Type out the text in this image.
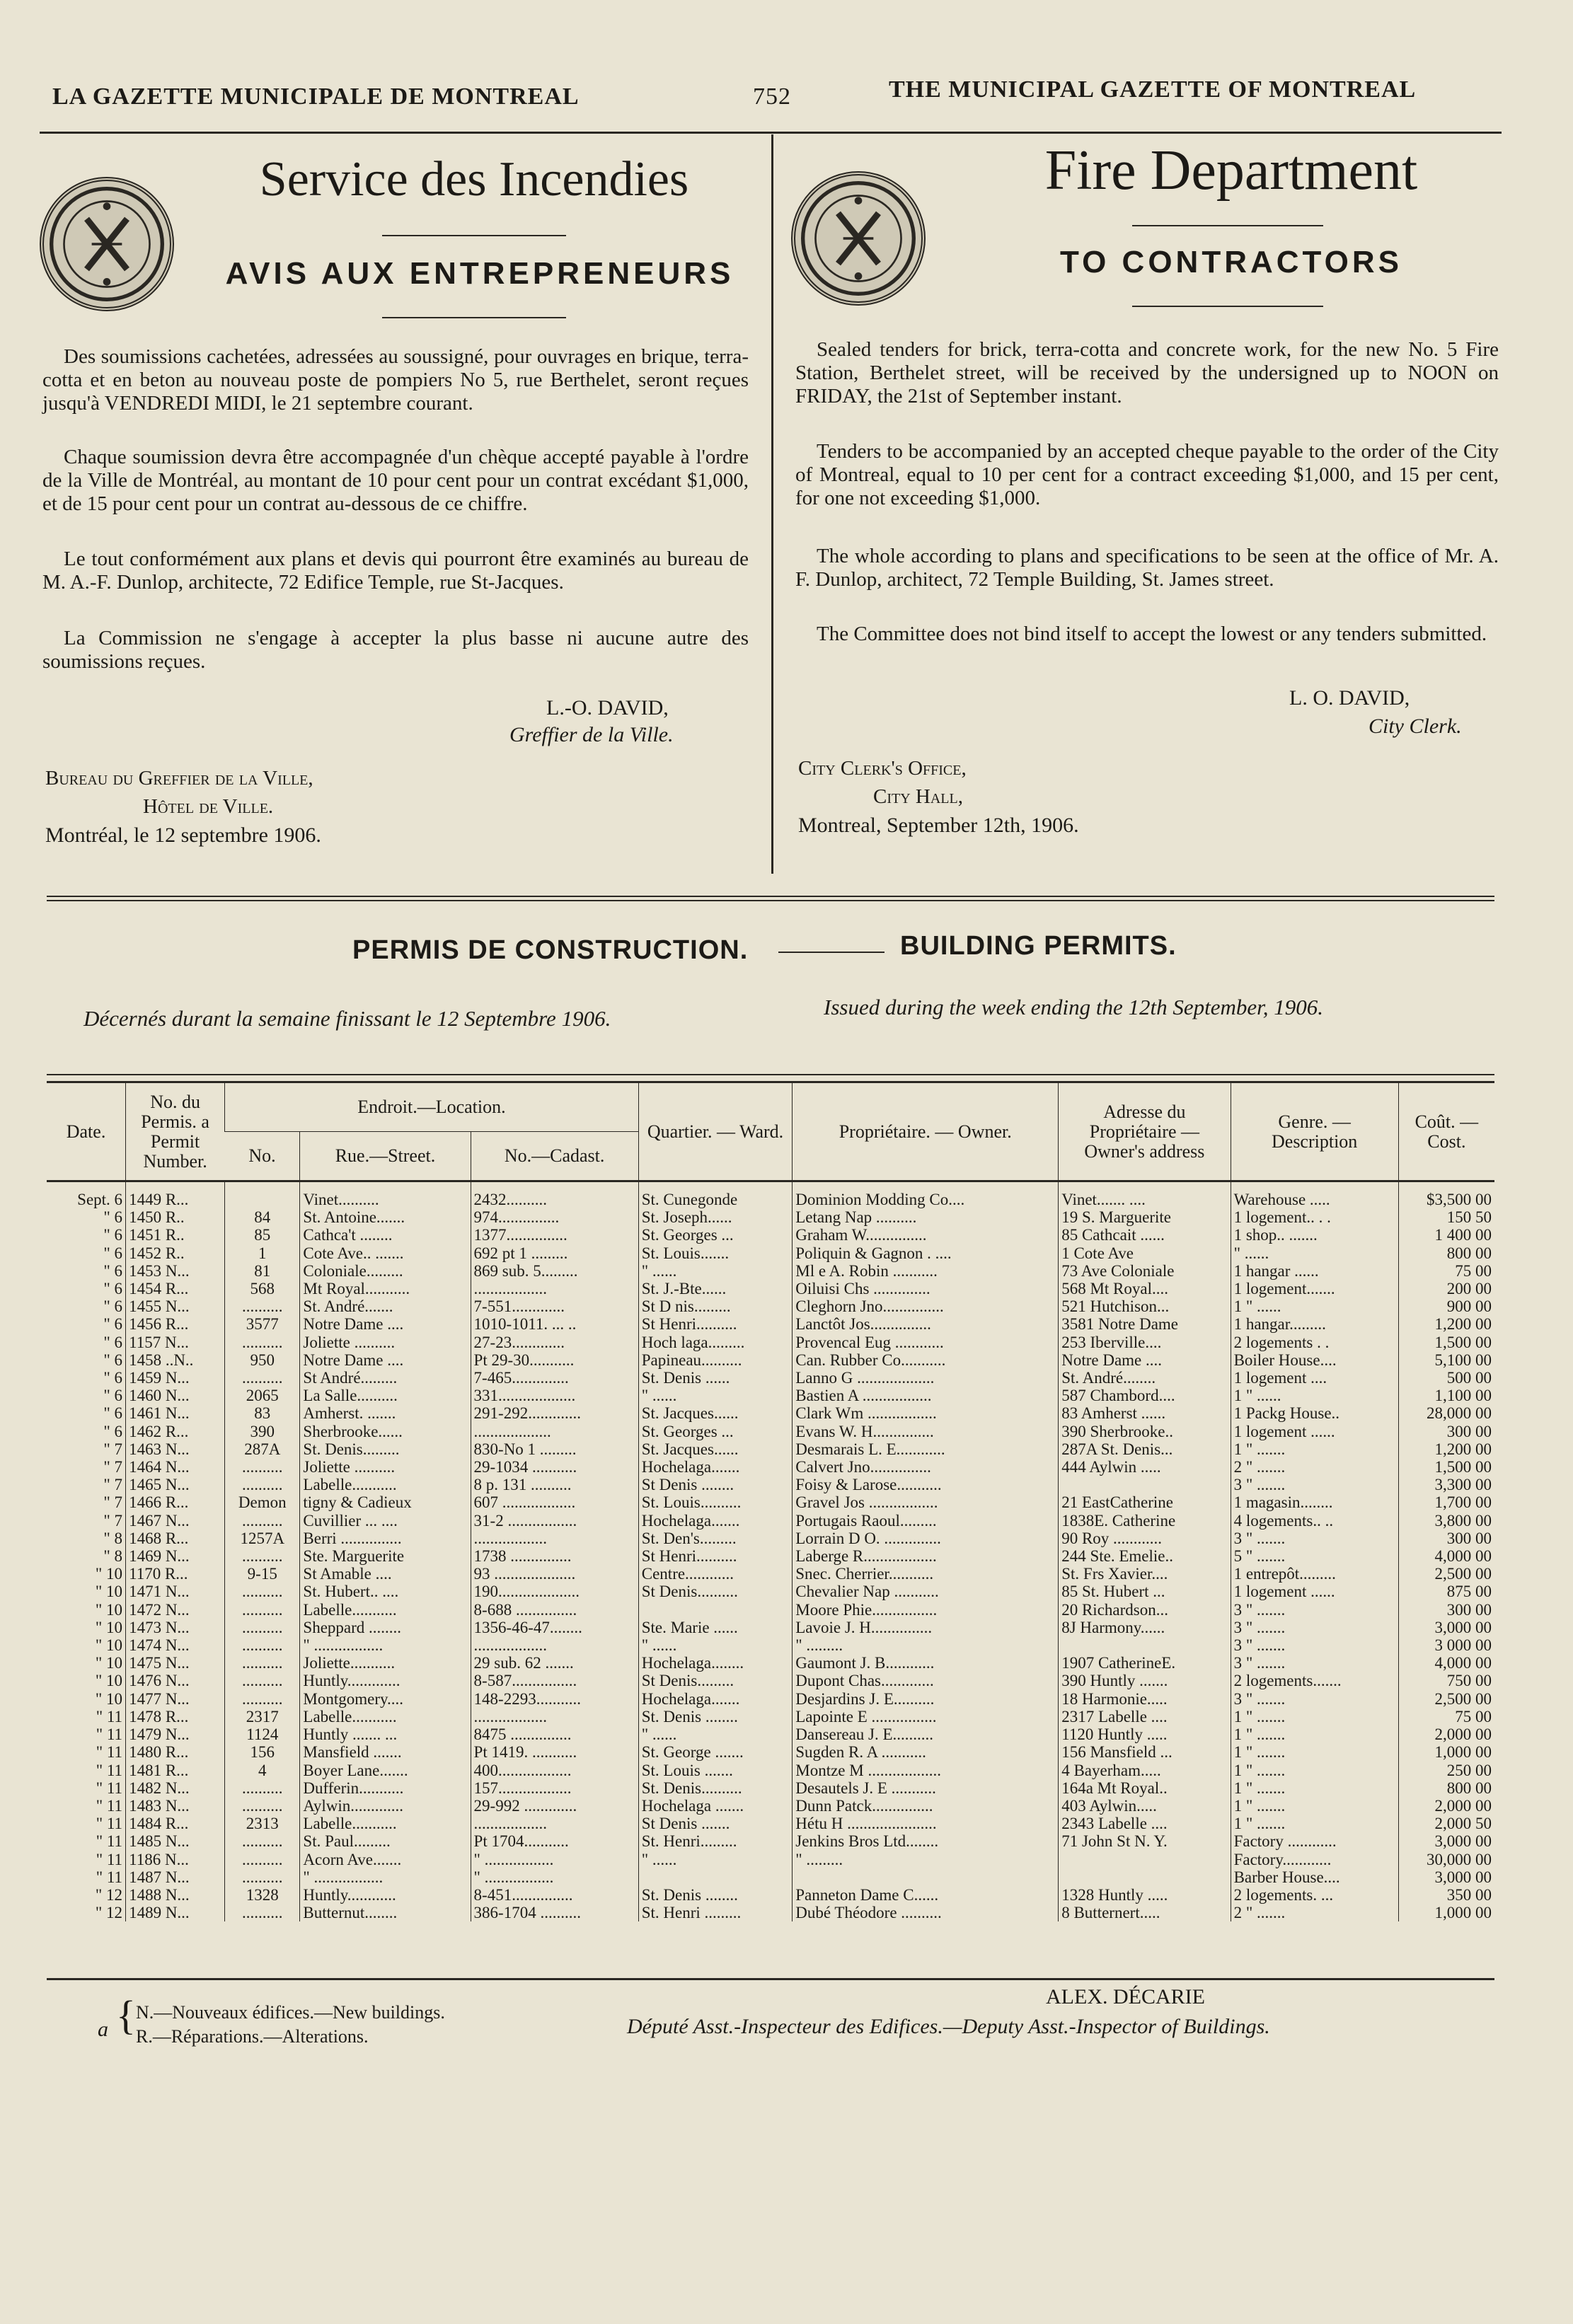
LA GAZETTE MUNICIPALE DE MONTREAL	752	THE MUNICIPAL GAZETTE OF MONTREAL
Service des Incendies
AVIS AUX ENTREPRENEURS
Des soumissions cachetées, adressées au soussigné, pour ouvrages en brique, terra-cotta et en beton au nouveau poste de pompiers No 5, rue Berthelet, seront reçues jusqu'à VENDREDI MIDI, le 21 septembre courant.
Chaque soumission devra être accompagnée d'un chèque accepté payable à l'ordre de la Ville de Montréal, au montant de 10 pour cent pour un contrat excédant $1,000, et de 15 pour cent pour un contrat au-dessous de ce chiffre.
Le tout conformément aux plans et devis qui pourront être examinés au bureau de M. A.-F. Dunlop, architecte, 72 Edifice Temple, rue St-Jacques.
La Commission ne s'engage à accepter la plus basse ni aucune autre des soumissions reçues.
L.-O. DAVID,
Greffier de la Ville.
Bureau du Greffier de la Ville,
Hôtel de Ville.
Montréal, le 12 septembre 1906.
Fire Department
TO CONTRACTORS
Sealed tenders for brick, terra-cotta and concrete work, for the new No. 5 Fire Station, Berthelet street, will be received by the undersigned up to NOON on FRIDAY, the 21st of September instant.
Tenders to be accompanied by an accepted cheque payable to the order of the City of Montreal, equal to 10 per cent for a contract exceeding $1,000, and 15 per cent, for one not exceeding $1,000.
The whole according to plans and specifications to be seen at the office of Mr. A. F. Dunlop, architect, 72 Temple Building, St. James street.
The Committee does not bind itself to accept the lowest or any tenders submitted.
L. O. DAVID,
City Clerk.
City Clerk's Office,
City Hall,
Montreal, September 12th, 1906.
PERMIS DE CONSTRUCTION.	BUILDING PERMITS.
Décernés durant la semaine finissant le 12 Septembre 1906.	Issued during the week ending the 12th September, 1906.
Date.	No. du Permis. a Permit Number.	Endroit.—Location.			Quartier. — Ward.	Propriétaire. — Owner.	Adresse du Propriétaire — Owner's address	Genre. — Description	Coût. — Cost.
		No.	Rue.—Street.	No.—Cadast.					

Sept. 6	1449 R...		Vinet..........	2432..........	St. Cunegonde	Dominion Modding Co....	Vinet....... ....	Warehouse .....	$3,500 00
" 6	1450 R..	84	St. Antoine.......	974...............	St. Joseph......	Letang Nap ..........	19 S. Marguerite	1 logement.. . .	150 50
" 6	1451 R..	85	Cathca't ........	1377...............	St. Georges ...	Graham W...............	85 Cathcait ......	1 shop.. .......	1 400 00
" 6	1452 R..	1	Cote Ave.. .......	692 pt 1 .........	St. Louis.......	Poliquin & Gagnon . ....	1 Cote Ave	" ......	800 00
" 6	1453 N...	81	Coloniale.........	869 sub. 5.........	" ......	Ml e A. Robin ...........	73 Ave Coloniale	1 hangar ......	75 00
" 6	1454 R...	568	Mt Royal...........	..................	St. J.-Bte......	Oiluisi Chs ..............	568 Mt Royal....	1 logement.......	200 00
" 6	1455 N...	..........	St. André.......	7-551.............	St D nis.........	Cleghorn Jno...............	521 Hutchison...	1 " ......	900 00
" 6	1456 R...	3577	Notre Dame ....	1010-1011. ... ..	St Henri..........	Lanctôt Jos...............	3581 Notre Dame	1 hangar.........	1,200 00
" 6	1157 N...	..........	Joliette ..........	27-23.............	Hoch laga.........	Provencal Eug ............	253 Iberville....	2 logements . .	1,500 00
" 6	1458 ..N..	950	Notre Dame ....	Pt 29-30...........	Papineau..........	Can. Rubber Co...........	Notre Dame ....	Boiler House....	5,100 00
" 6	1459 N...	..........	St André.........	7-465..............	St. Denis ......	Lanno G ...................	St. André........	1 logement ....	500 00
" 6	1460 N...	2065	La Salle..........	331...................	" ......	Bastien A .................	587 Chambord....	1 " ......	1,100 00
" 6	1461 N...	83	Amherst. .......	291-292.............	St. Jacques......	Clark Wm .................	83 Amherst ......	1 Packg House..	28,000 00
" 6	1462 R...	390	Sherbrooke......	...................	St. Georges ...	Evans W. H...............	390 Sherbrooke..	1 logement ......	300 00
" 7	1463 N...	287A	St. Denis.........	830-No 1 .........	St. Jacques......	Desmarais L. E............	287A St. Denis...	1 " .......	1,200 00
" 7	1464 N...	..........	Joliette ..........	29-1034 ...........	Hochelaga.......	Calvert Jno...............	444 Aylwin .....	2 " .......	1,500 00
" 7	1465 N...	..........	Labelle...........	8 p. 131 ..........	St Denis ........	Foisy & Larose...........		3 " .......	3,300 00
" 7	1466 R...	Demon	tigny & Cadieux	607 ..................	St. Louis..........	Gravel Jos .................	21 EastCatherine	1 magasin........	1,700 00
" 7	1467 N...	..........	Cuvillier ... ....	31-2 .................	Hochelaga.......	Portugais Raoul.........	1838E. Catherine	4 logements.. ..	3,800 00
" 8	1468 R...	1257A	Berri ...............	..................	St. Den's.........	Lorrain D O. ..............	90 Roy ............	3 " .......	300 00
" 8	1469 N...	..........	Ste. Marguerite	1738 ...............	St Henri..........	Laberge R..................	244 Ste. Emelie..	5 " .......	4,000 00
" 10	1170 R...	9-15	St Amable ....	93 ....................	Centre............	Snec. Cherrier...........	St. Frs Xavier....	1 entrepôt.........	2,500 00
" 10	1471 N...	..........	St. Hubert.. ....	190....................	St Denis..........	Chevalier Nap ...........	85 St. Hubert ...	1 logement ......	875 00
" 10	1472 N...	..........	Labelle...........	8-688 ...............		Moore Phie................	20 Richardson...	3 " .......	300 00
" 10	1473 N...	..........	Sheppard ........	1356-46-47........	Ste. Marie ......	Lavoie J. H...............	8J Harmony......	3 " .......	3,000 00
" 10	1474 N...	..........	" .................	..................	" ......	" .........		3 " .......	3 000 00
" 10	1475 N...	..........	Joliette...........	29 sub. 62 .......	Hochelaga........	Gaumont J. B............	1907 CatherineE.	3 " .......	4,000 00
" 10	1476 N...	..........	Huntly.............	8-587................	St Denis.........	Dupont Chas.............	390 Huntly .......	2 logements.......	750 00
" 10	1477 N...	..........	Montgomery....	148-2293...........	Hochelaga.......	Desjardins J. E..........	18 Harmonie.....	3 " .......	2,500 00
" 11	1478 R...	2317	Labelle...........	..................	St. Denis ........	Lapointe E ................	2317 Labelle ....	1 " .......	75 00
" 11	1479 N...	1124	Huntly ....... ...	8475 ...............	" ......	Dansereau J. E..........	1120 Huntly .....	1 " .......	2,000 00
" 11	1480 R...	156	Mansfield .......	Pt 1419. ...........	St. George .......	Sugden R. A ...........	156 Mansfield ...	1 " .......	1,000 00
" 11	1481 R...	4	Boyer Lane.......	400..................	St. Louis .......	Montze M ..................	4 Bayerham.....	1 " .......	250 00
" 11	1482 N...	..........	Dufferin...........	157..................	St. Denis..........	Desautels J. E ...........	164a Mt Royal..	1 " .......	800 00
" 11	1483 N...	..........	Aylwin.............	29-992 .............	Hochelaga .......	Dunn Patck...............	403 Aylwin.....	1 " .......	2,000 00
" 11	1484 R...	2313	Labelle...........	..................	St Denis .......	Hétu H ......................	2343 Labelle ....	1 " .......	2,000 50
" 11	1485 N...	..........	St. Paul.........	Pt 1704...........	St. Henri.........	Jenkins Bros Ltd........	71 John St N. Y.	Factory ............	3,000 00
" 11	1186 N...	..........	Acorn Ave.......	" .................	" ......	" .........		Factory............	30,000 00
" 11	1487 N...	..........	" .................	" .................				Barber House....	3,000 00
" 12	1488 N...	1328	Huntly............	8-451...............	St. Denis ........	Panneton Dame C......	1328 Huntly .....	2 logements. ...	350 00
" 12	1489 N...	..........	Butternut........	386-1704 ..........	St. Henri .........	Dubé Théodore ..........	8 Butternert.....	2 " .......	1,000 00
ALEX. DÉCARIE
a { N.—Nouveaux édifices.—New buildings.
R.—Réparations.—Alterations.	Député Asst.-Inspecteur des Edifices.—Deputy Asst.-Inspector of Buildings.
